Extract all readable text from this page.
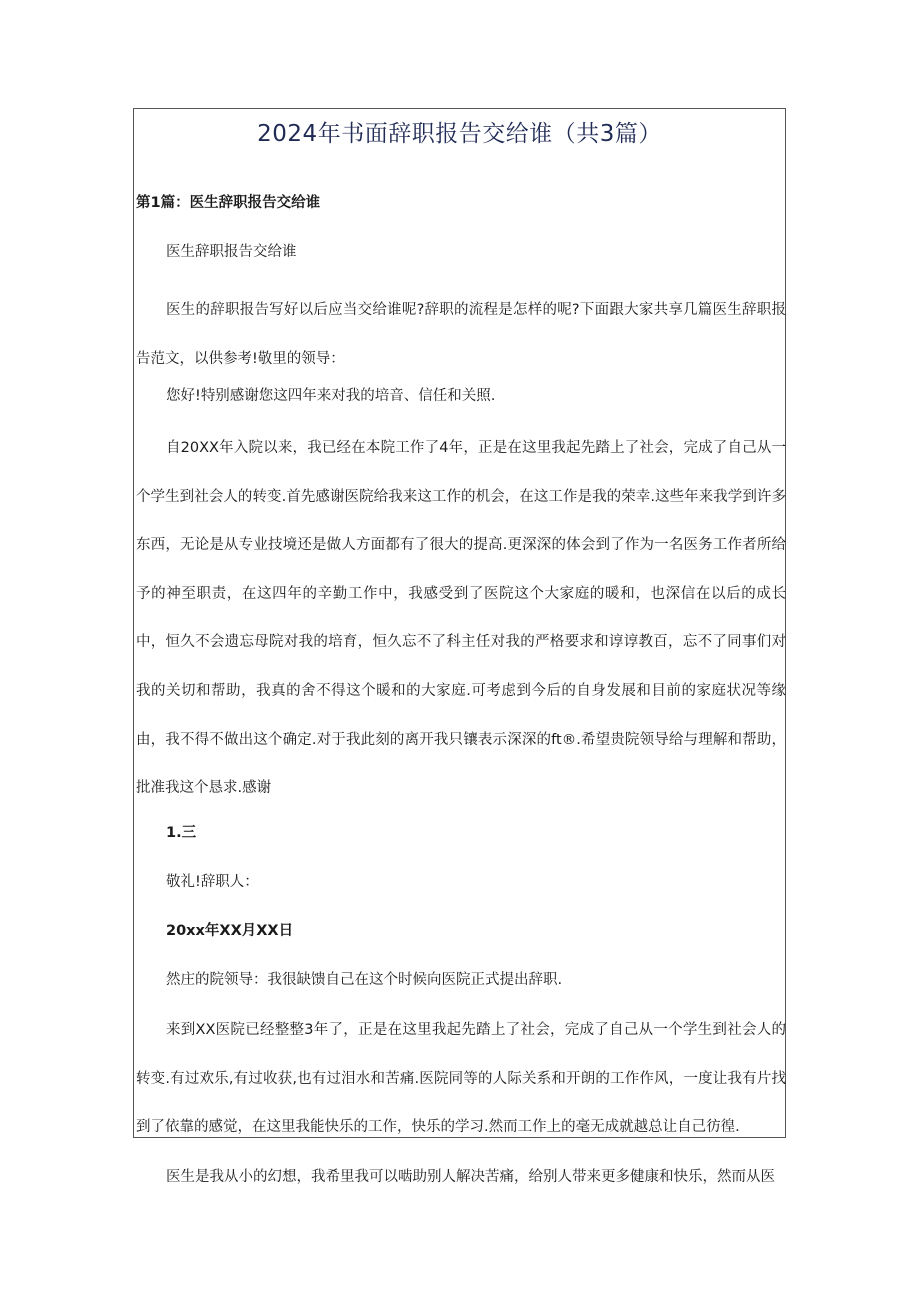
2024年书面辞职报告交给谁（共3篇）

第1篇：医生辞职报告交给谁

医生辞职报告交给谁

医生的辞职报告写好以后应当交给谁呢?辞职的流程是怎样的呢?下面跟大家共享几篇医生辞职报告范文，以供参考!敬里的领导：

您好!特别感谢您这四年来对我的培音、信任和关照.

自20XX年入院以来，我已经在本院工作了4年，正是在这里我起先踏上了社会，完成了自己从一个学生到社会人的转变.首先感谢医院给我来这工作的机会，在这工作是我的荣幸.这些年来我学到许多东西，无论是从专业技境还是做人方面都有了很大的提高.更深深的体会到了作为一名医务工作者所给予的神至职责，在这四年的辛勤工作中，我感受到了医院这个大家庭的暖和，也深信在以后的成长中，恒久不会遗忘母院对我的培育，恒久忘不了科主任对我的严格要求和谆谆教百，忘不了同事们对我的关切和帮助，我真的舍不得这个暖和的大家庭.可考虑到今后的自身发展和目前的家庭状况等缘由，我不得不做出这个确定.对于我此刻的离开我只镶表示深深的ft®.希望贵院领导给与理解和帮助，批准我这个恳求.感谢

1.三

敬礼!辞职人：

20xx年XX月XX日

然庄的院领导：我很缺馈自己在这个时候向医院正式提出辞职.

来到XX医院已经整整3年了，正是在这里我起先踏上了社会，完成了自己从一个学生到社会人的转变.有过欢乐,有过收获,也有过泪水和苦痛.医院同等的人际关系和开朗的工作作风，一度让我有片找到了依靠的感觉，在这里我能快乐的工作，快乐的学习.然而工作上的毫无成就越总让自己彷徨.

医生是我从小的幻想，我希里我可以啮助别人解决苦痛，给别人带来更多健康和快乐，然而从医
